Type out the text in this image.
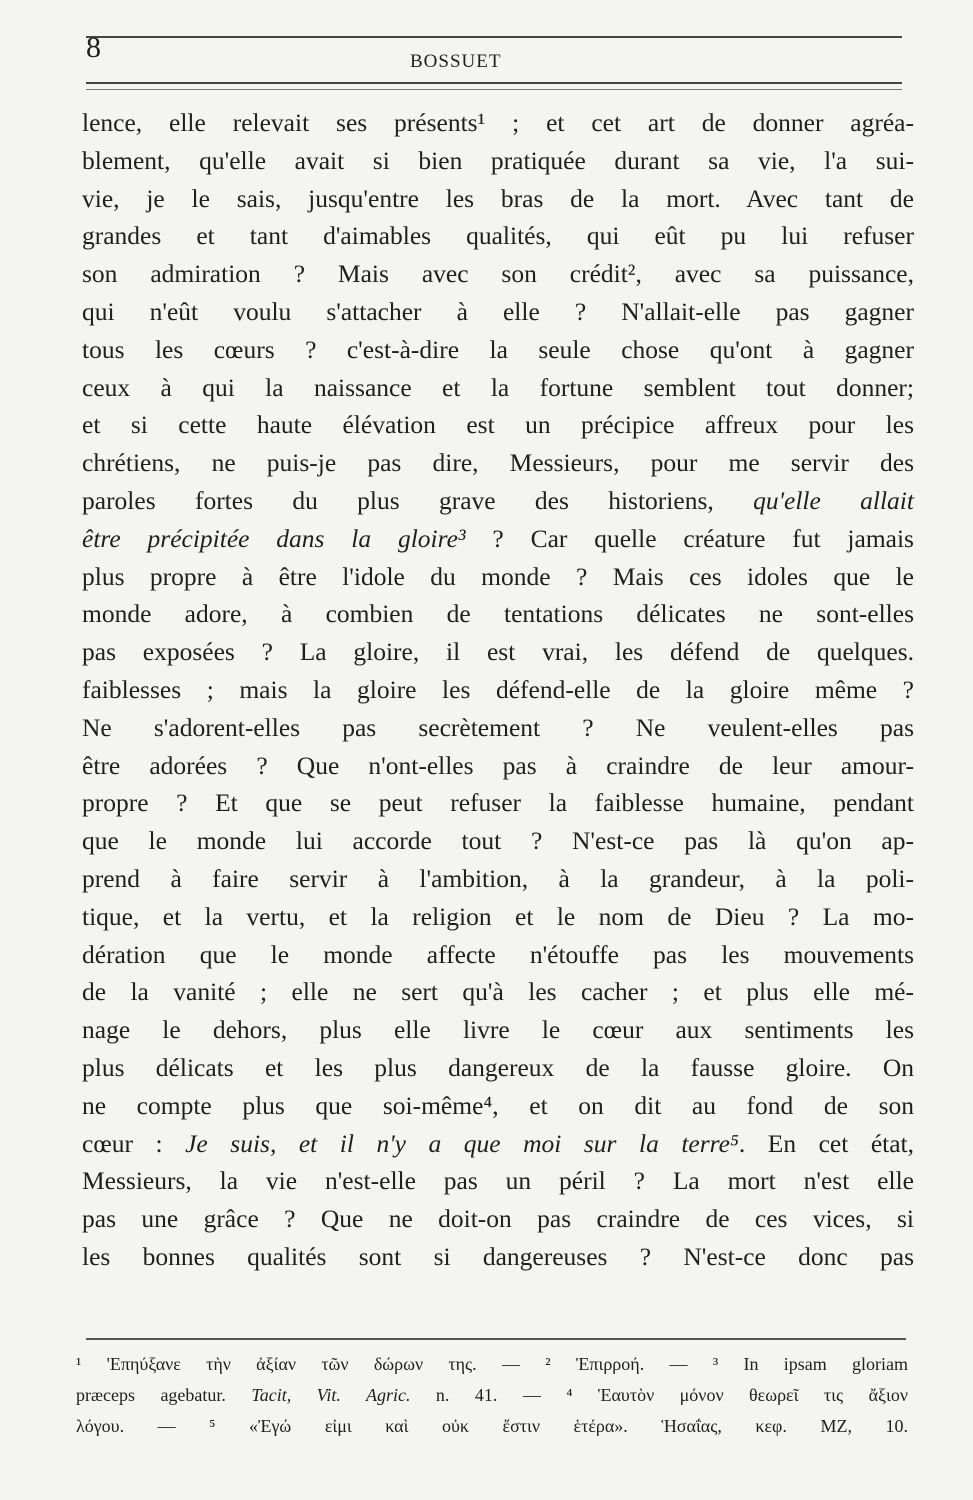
8	BOSSUET
lence, elle relevait ses présents¹ ; et cet art de donner agréa-
blement, qu'elle avait si bien pratiquée durant sa vie, l'a sui-
vie, je le sais, jusqu'entre les bras de la mort. Avec tant de
grandes et tant d'aimables qualités, qui eût pu lui refuser
son admiration ? Mais avec son crédit², avec sa puissance,
qui n'eût voulu s'attacher à elle ? N'allait-elle pas gagner
tous les cœurs ? c'est-à-dire la seule chose qu'ont à gagner
ceux à qui la naissance et la fortune semblent tout donner;
et si cette haute élévation est un précipice affreux pour les
chrétiens, ne puis-je pas dire, Messieurs, pour me servir des
paroles fortes du plus grave des historiens, qu'elle allait
être précipitée dans la gloire³ ? Car quelle créature fut jamais
plus propre à être l'idole du monde ? Mais ces idoles que le
monde adore, à combien de tentations délicates ne sont-elles
pas exposées ? La gloire, il est vrai, les défend de quelques.
faiblesses ; mais la gloire les défend-elle de la gloire même ?
Ne s'adorent-elles pas secrètement ? Ne veulent-elles pas
être adorées ? Que n'ont-elles pas à craindre de leur amour-
propre ? Et que se peut refuser la faiblesse humaine, pendant
que le monde lui accorde tout ? N'est-ce pas là qu'on ap-
prend à faire servir à l'ambition, à la grandeur, à la poli-
tique, et la vertu, et la religion et le nom de Dieu ? La mo-
dération que le monde affecte n'étouffe pas les mouvements
de la vanité ; elle ne sert qu'à les cacher ; et plus elle mé-
nage le dehors, plus elle livre le cœur aux sentiments les
plus délicats et les plus dangereux de la fausse gloire. On
ne compte plus que soi-même⁴, et on dit au fond de son
cœur : Je suis, et il n'y a que moi sur la terre⁵. En cet état,
Messieurs, la vie n'est-elle pas un péril ? La mort n'est elle
pas une grâce ? Que ne doit-on pas craindre de ces vices, si
les bonnes qualités sont si dangereuses ? N'est-ce donc pas
¹ 'Επηύξανε τὴν ἀξίαν τῶν δώρων της. — ² Ἐπιρροή. — ³ In ipsam gloriam
præceps agebatur. Tacit, Vit. Agric. n. 41. — ⁴ Ἑαυτὸν μόνον θεωρεῖ τις ἄξιον
λόγου. — ⁵ «Ἐγώ εἰμι καὶ οὐκ ἔστιν ἑτέρα». Ἡσαΐας, κεφ. ΜΖ, 10.
